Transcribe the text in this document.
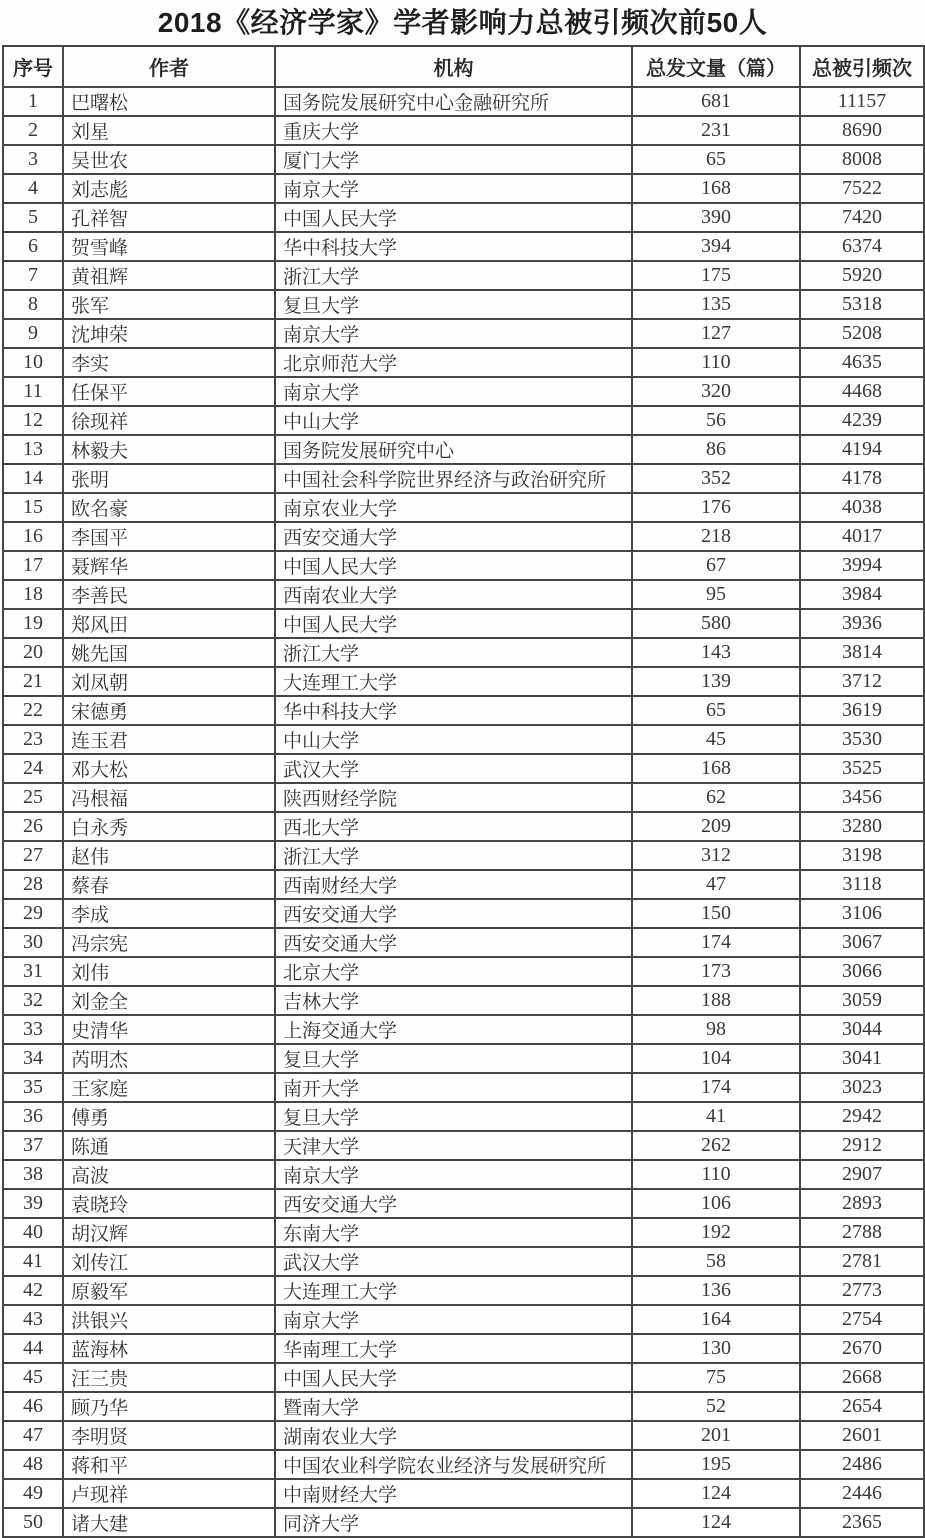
2018《经济学家》学者影响力总被引频次前50人
序号	作者	机构	总发文量（篇）	总被引频次
1	巴曙松	国务院发展研究中心金融研究所	681	11157
2	刘星	重庆大学	231	8690
3	吴世农	厦门大学	65	8008
4	刘志彪	南京大学	168	7522
5	孔祥智	中国人民大学	390	7420
6	贺雪峰	华中科技大学	394	6374
7	黄祖辉	浙江大学	175	5920
8	张军	复旦大学	135	5318
9	沈坤荣	南京大学	127	5208
10	李实	北京师范大学	110	4635
11	任保平	南京大学	320	4468
12	徐现祥	中山大学	56	4239
13	林毅夫	国务院发展研究中心	86	4194
14	张明	中国社会科学院世界经济与政治研究所	352	4178
15	欧名豪	南京农业大学	176	4038
16	李国平	西安交通大学	218	4017
17	聂辉华	中国人民大学	67	3994
18	李善民	西南农业大学	95	3984
19	郑风田	中国人民大学	580	3936
20	姚先国	浙江大学	143	3814
21	刘凤朝	大连理工大学	139	3712
22	宋德勇	华中科技大学	65	3619
23	连玉君	中山大学	45	3530
24	邓大松	武汉大学	168	3525
25	冯根福	陕西财经学院	62	3456
26	白永秀	西北大学	209	3280
27	赵伟	浙江大学	312	3198
28	蔡春	西南财经大学	47	3118
29	李成	西安交通大学	150	3106
30	冯宗宪	西安交通大学	174	3067
31	刘伟	北京大学	173	3066
32	刘金全	吉林大学	188	3059
33	史清华	上海交通大学	98	3044
34	芮明杰	复旦大学	104	3041
35	王家庭	南开大学	174	3023
36	傅勇	复旦大学	41	2942
37	陈通	天津大学	262	2912
38	高波	南京大学	110	2907
39	袁晓玲	西安交通大学	106	2893
40	胡汉辉	东南大学	192	2788
41	刘传江	武汉大学	58	2781
42	原毅军	大连理工大学	136	2773
43	洪银兴	南京大学	164	2754
44	蓝海林	华南理工大学	130	2670
45	汪三贵	中国人民大学	75	2668
46	顾乃华	暨南大学	52	2654
47	李明贤	湖南农业大学	201	2601
48	蒋和平	中国农业科学院农业经济与发展研究所	195	2486
49	卢现祥	中南财经大学	124	2446
50	诸大建	同济大学	124	2365
